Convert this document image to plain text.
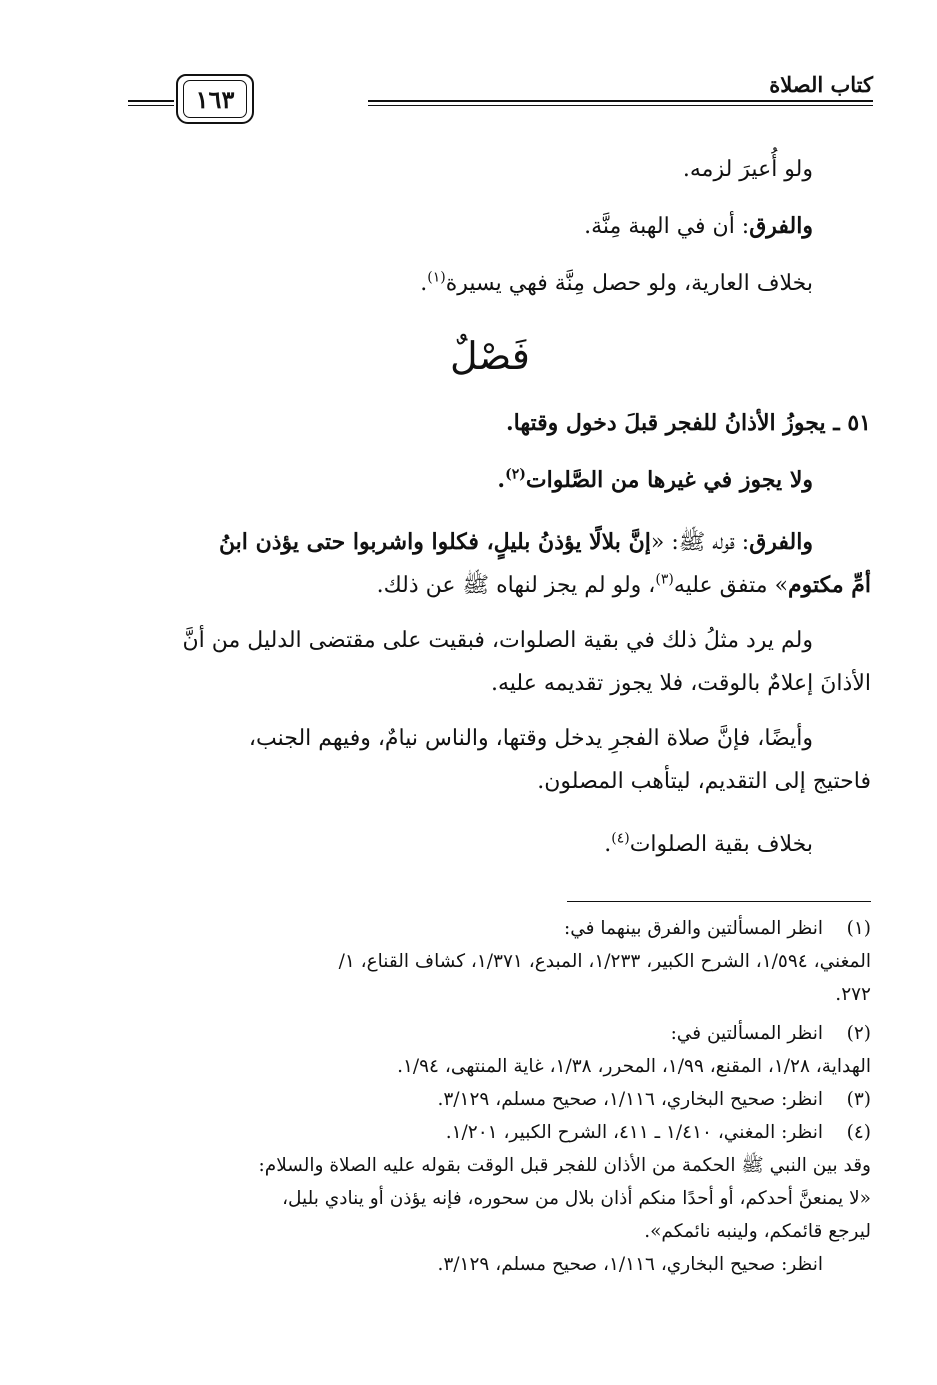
كتاب الصلاة
١٦٣
ولو أُعيرَ لزمه.
والفرق: أن في الهبة مِنَّة.
بخلاف العارية، ولو حصل مِنَّة فهي يسيرة$^{(١)}$.
فَصْلٌ
٥١ ـ يجوزُ الأذانُ للفجر قبلَ دخول وقتها.
ولا يجوز في غيرها من الصَّلوات$^{(٢)}$.
والفرق: قوله ﷺ: «إنَّ بلالًا يؤذنُ بليلٍ، فكلوا واشربوا حتى يؤذن ابنُ
أمِّ مكتوم» متفق عليه$^{(٣)}$، ولو لم يجز لنهاه ﷺ عن ذلك.
ولم يرد مثلُ ذلك في بقية الصلوات، فبقيت على مقتضى الدليل من أنَّ
الأذانَ إعلامٌ بالوقت، فلا يجوز تقديمه عليه.
وأيضًا، فإنَّ صلاة الفجرِ يدخل وقتها، والناس نيامٌ، وفيهم الجنب،
فاحتيج إلى التقديم، ليتأهب المصلون.
بخلاف بقية الصلوات$^{(٤)}$.
(١)انظر المسألتين والفرق بينهما في:
المغني، ١/٥٩٤، الشرح الكبير، ١/٢٣٣، المبدع، ١/٣٧١، كشاف القناع، ١/
٢٧٢.
(٢)انظر المسألتين في:
الهداية، ١/٢٨، المقنع، ١/٩٩، المحرر، ١/٣٨، غاية المنتهى، ١/٩٤.
(٣)انظر: صحيح البخاري، ١/١١٦، صحيح مسلم، ٣/١٢٩.
(٤)انظر: المغني، ١/٤١٠ ـ ٤١١، الشرح الكبير، ١/٢٠١.
وقد بين النبي ﷺ الحكمة من الأذان للفجر قبل الوقت بقوله عليه الصلاة والسلام:
«لا يمنعنَّ أحدكم، أو أحدًا منكم أذان بلال من سحوره، فإنه يؤذن أو ينادي بليل،
ليرجع قائمكم، ولينبه نائمكم».
انظر: صحيح البخاري، ١/١١٦، صحيح مسلم، ٣/١٢٩.
